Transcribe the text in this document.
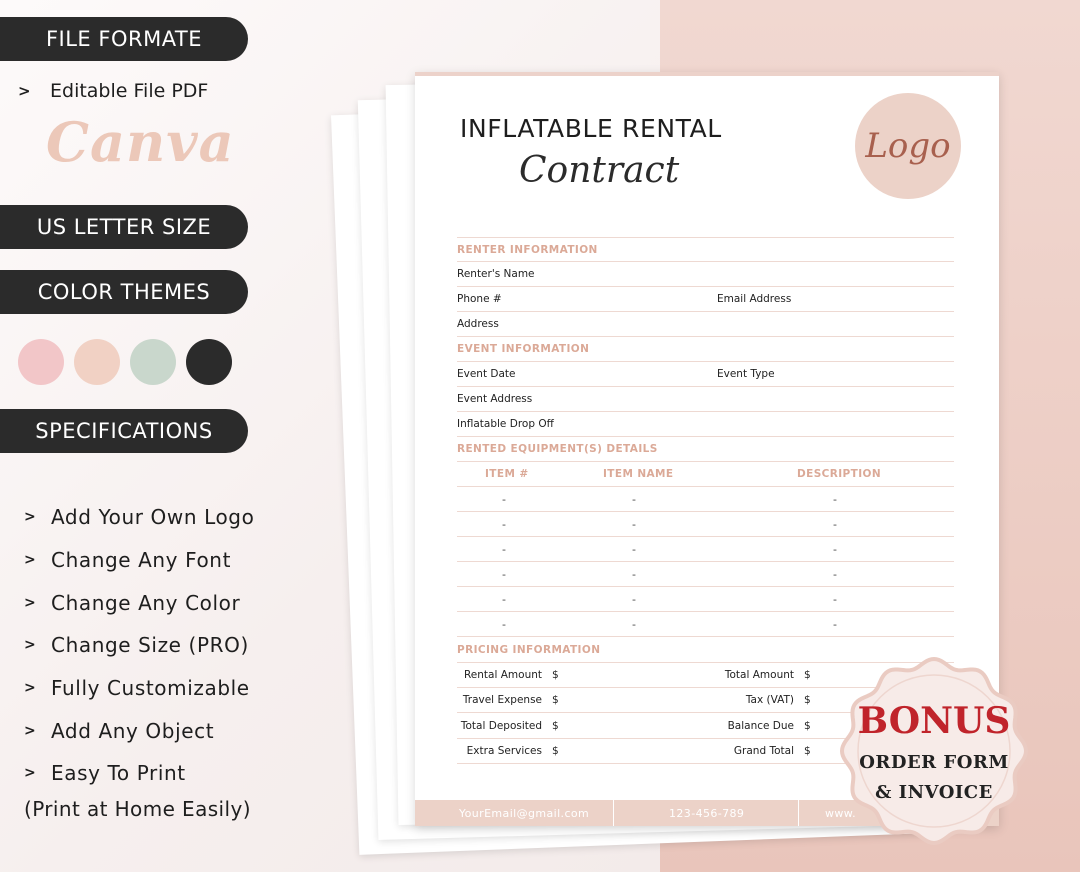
FILE FORMATE
>	Editable File PDF
Canva
US LETTER SIZE
COLOR THEMES
SPECIFICATIONS
> Add Your Own Logo
> Change Any Font
> Change Any Color
> Change Size (PRO)
> Fully Customizable
> Add Any Object
> Easy To Print
(Print at Home Easily)
INFLATABLE RENTAL
Contract
Logo
RENTER INFORMATION
Renter's Name
Phone #	Email Address
Address
EVENT INFORMATION
Event Date	Event Type
Event Address
Inflatable Drop Off
RENTED EQUIPMENT(S) DETAILS
ITEM #	ITEM NAME	DESCRIPTION
-	-	-
-	-	-
-	-	-
-	-	-
-	-	-
-	-	-
PRICING INFORMATION
Rental Amount $	Total Amount $
Travel Expense $	Tax (VAT) $
Total Deposited $	Balance Due $
Extra Services $	Grand Total $
YourEmail@gmail.com	123-456-789	www.
BONUS
ORDER FORM
& INVOICE
